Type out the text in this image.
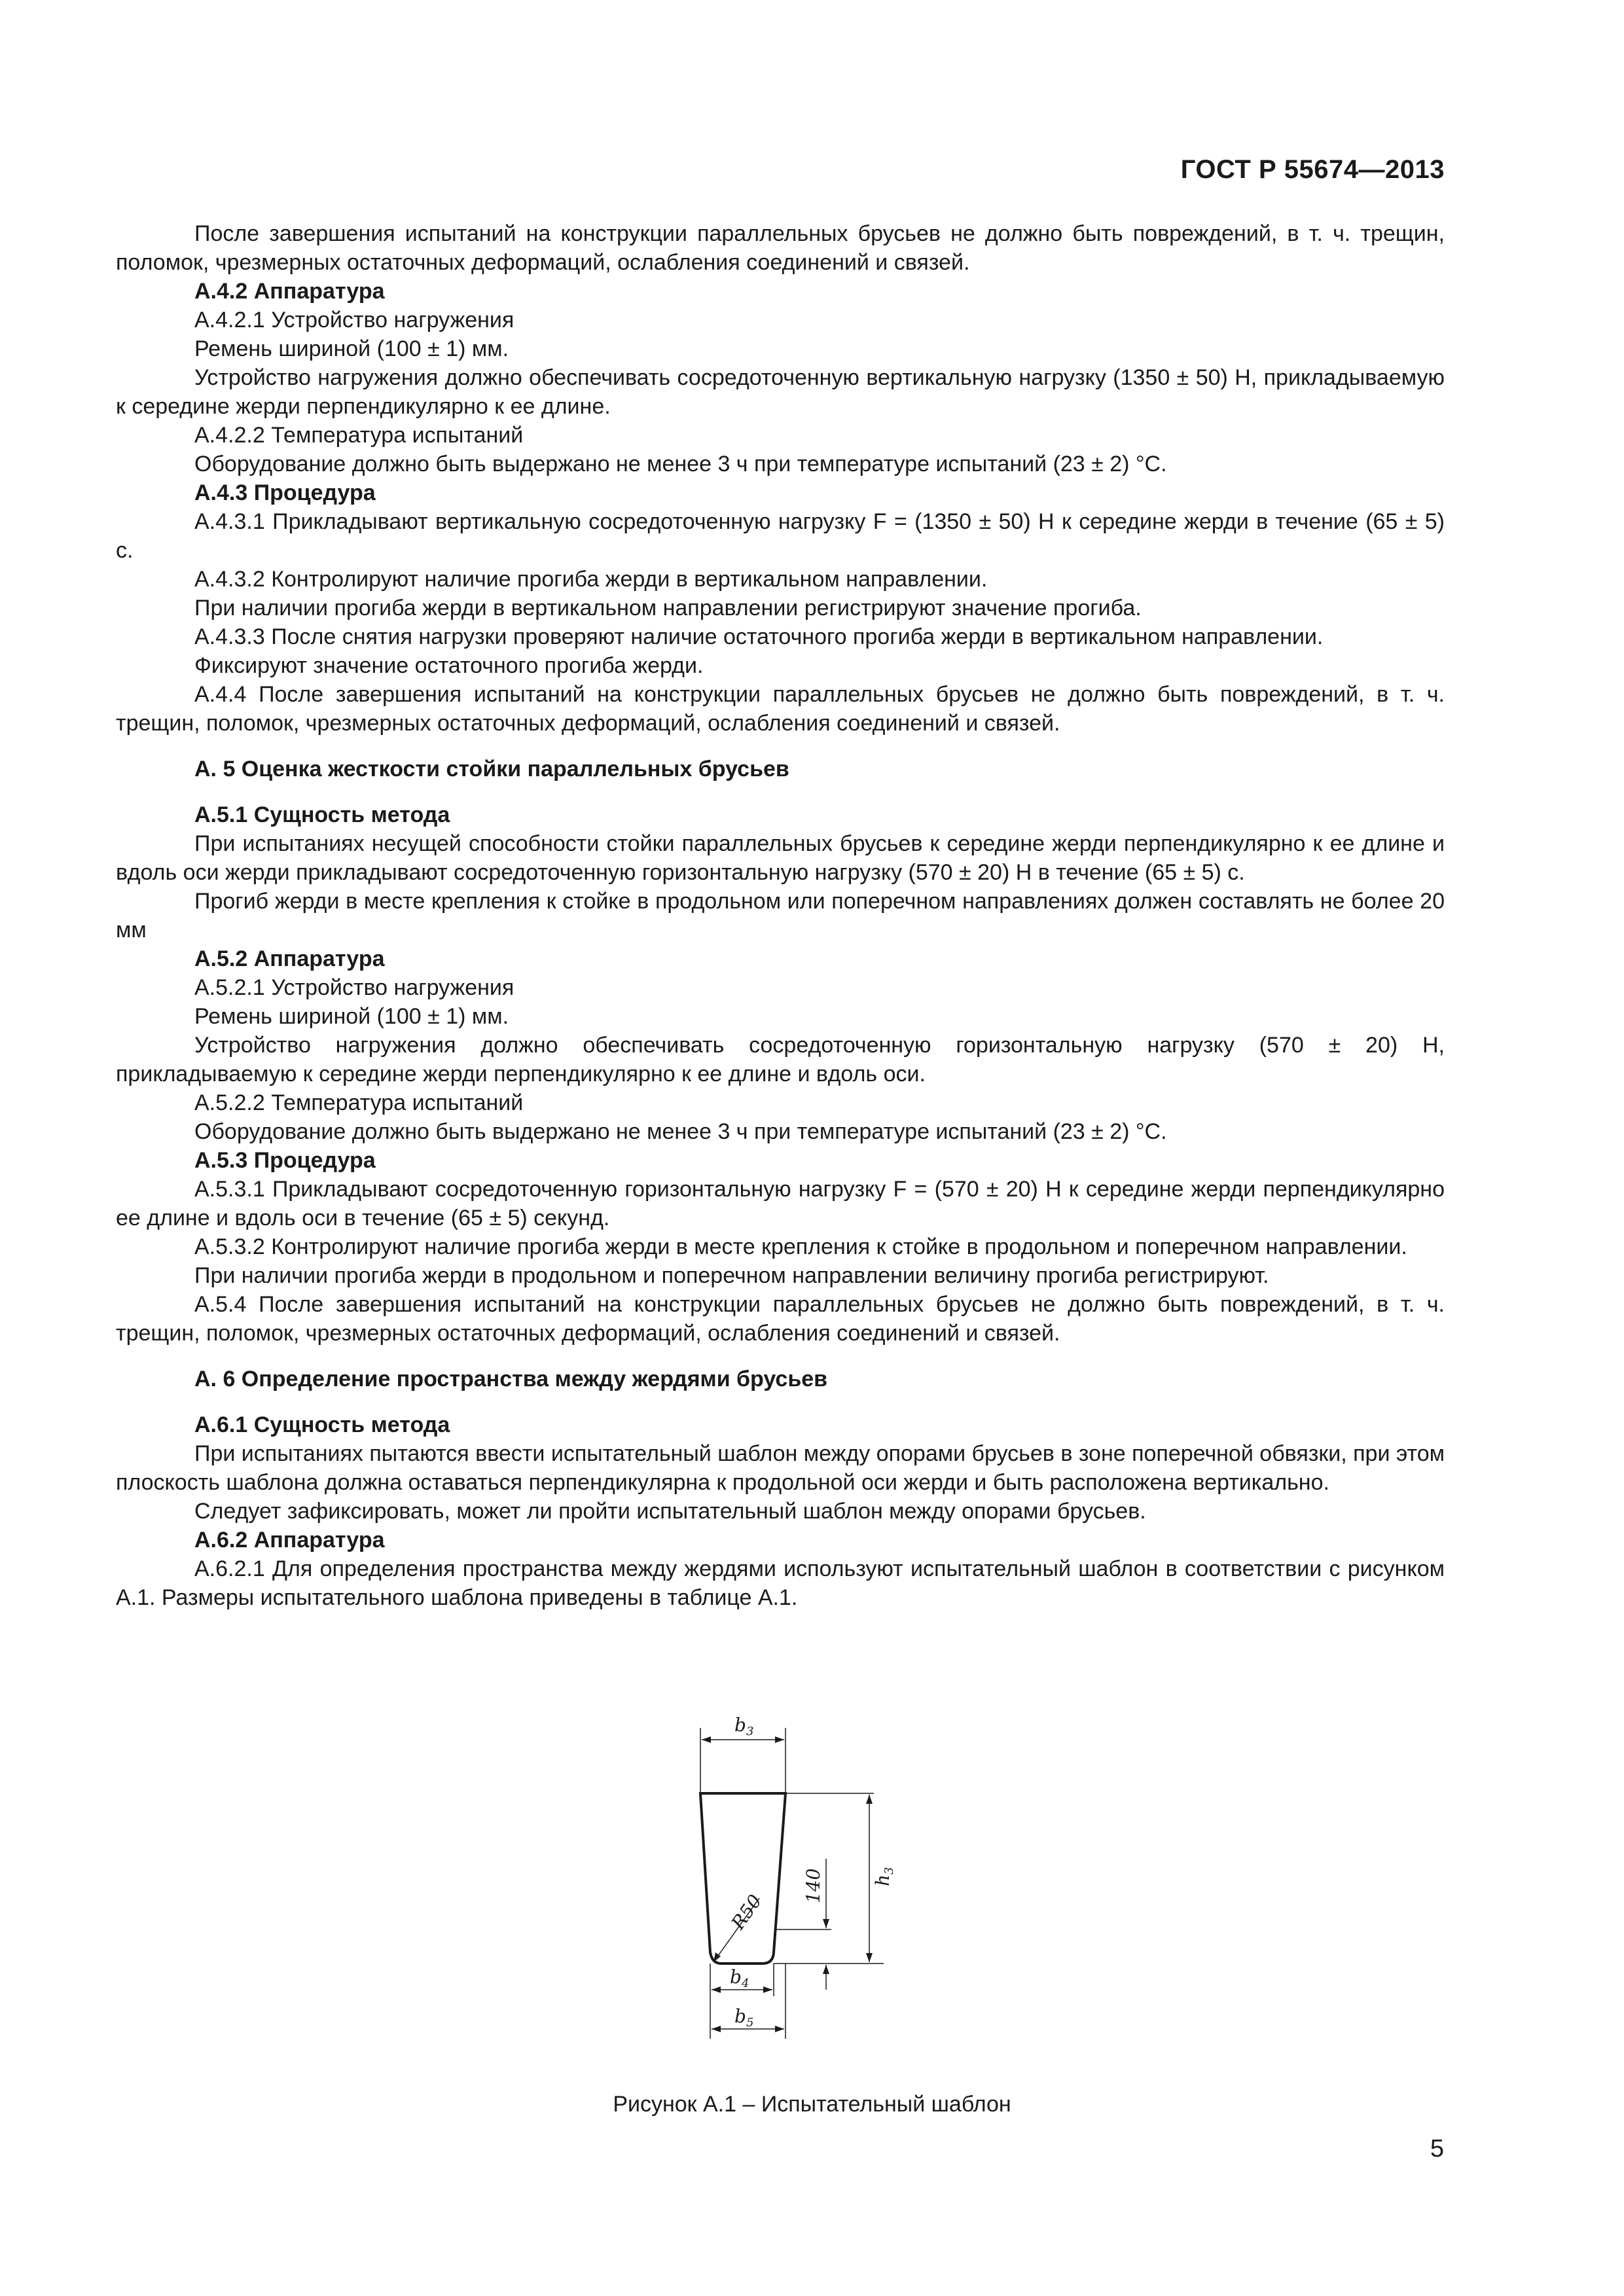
ГОСТ Р 55674—2013

После завершения испытаний на конструкции параллельных брусьев не должно быть повреждений, в т. ч. трещин, поломок, чрезмерных остаточных деформаций, ослабления соединений и связей.

А.4.2 Аппаратура

А.4.2.1 Устройство нагружения

Ремень шириной (100 ± 1) мм.

Устройство нагружения должно обеспечивать сосредоточенную вертикальную нагрузку (1350 ± 50) Н, прикладываемую к середине жерди перпендикулярно к ее длине.

А.4.2.2 Температура испытаний

Оборудование должно быть выдержано не менее 3 ч при температуре испытаний (23 ± 2) °С.

А.4.3 Процедура

А.4.3.1 Прикладывают вертикальную сосредоточенную нагрузку F = (1350 ± 50) Н к середине жерди в течение (65 ± 5) с.

А.4.3.2 Контролируют наличие прогиба жерди в вертикальном направлении.

При наличии прогиба жерди в вертикальном направлении регистрируют значение прогиба.

А.4.3.3 После снятия нагрузки проверяют наличие остаточного прогиба жерди в вертикальном направлении.

Фиксируют значение остаточного прогиба жерди.

А.4.4 После завершения испытаний на конструкции параллельных брусьев не должно быть повреждений, в т. ч. трещин, поломок, чрезмерных остаточных деформаций, ослабления соединений и связей.

А. 5 Оценка жесткости стойки параллельных брусьев

А.5.1 Сущность метода

При испытаниях несущей способности стойки параллельных брусьев к середине жерди перпендикулярно к ее длине и вдоль оси жерди прикладывают сосредоточенную горизонтальную нагрузку (570 ± 20) Н в течение (65 ± 5) с.

Прогиб жерди в месте крепления к стойке в продольном или поперечном направлениях должен составлять не более 20 мм

А.5.2 Аппаратура

А.5.2.1 Устройство нагружения

Ремень шириной (100 ± 1) мм.

Устройство нагружения должно обеспечивать сосредоточенную горизонтальную нагрузку (570 ± 20) Н, прикладываемую к середине жерди перпендикулярно к ее длине и вдоль оси.

А.5.2.2 Температура испытаний

Оборудование должно быть выдержано не менее 3 ч при температуре испытаний (23 ± 2) °С.

А.5.3 Процедура

А.5.3.1 Прикладывают сосредоточенную горизонтальную нагрузку F = (570 ± 20) Н к середине жерди перпендикулярно ее длине и вдоль оси в течение (65 ± 5) секунд.

А.5.3.2 Контролируют наличие прогиба жерди в месте крепления к стойке в продольном и поперечном направлении.

При наличии прогиба жерди в продольном и поперечном направлении величину прогиба регистрируют.

А.5.4 После завершения испытаний на конструкции параллельных брусьев не должно быть повреждений, в т. ч. трещин, поломок, чрезмерных остаточных деформаций, ослабления соединений и связей.

А. 6 Определение пространства между жердями брусьев

А.6.1 Сущность метода

При испытаниях пытаются ввести испытательный шаблон между опорами брусьев в зоне поперечной обвязки, при этом плоскость шаблона должна оставаться перпендикулярна к продольной оси жерди и быть расположена вертикально.

Следует зафиксировать, может ли пройти испытательный шаблон между опорами брусьев.

А.6.2 Аппаратура

А.6.2.1 Для определения пространства между жердями используют испытательный шаблон в соответствии с рисунком А.1. Размеры испытательного шаблона приведены в таблице А.1.

$b_3$
$h_3$
140
R50
$b_4$
$b_5$
Рисунок А.1 – Испытательный шаблон
5
